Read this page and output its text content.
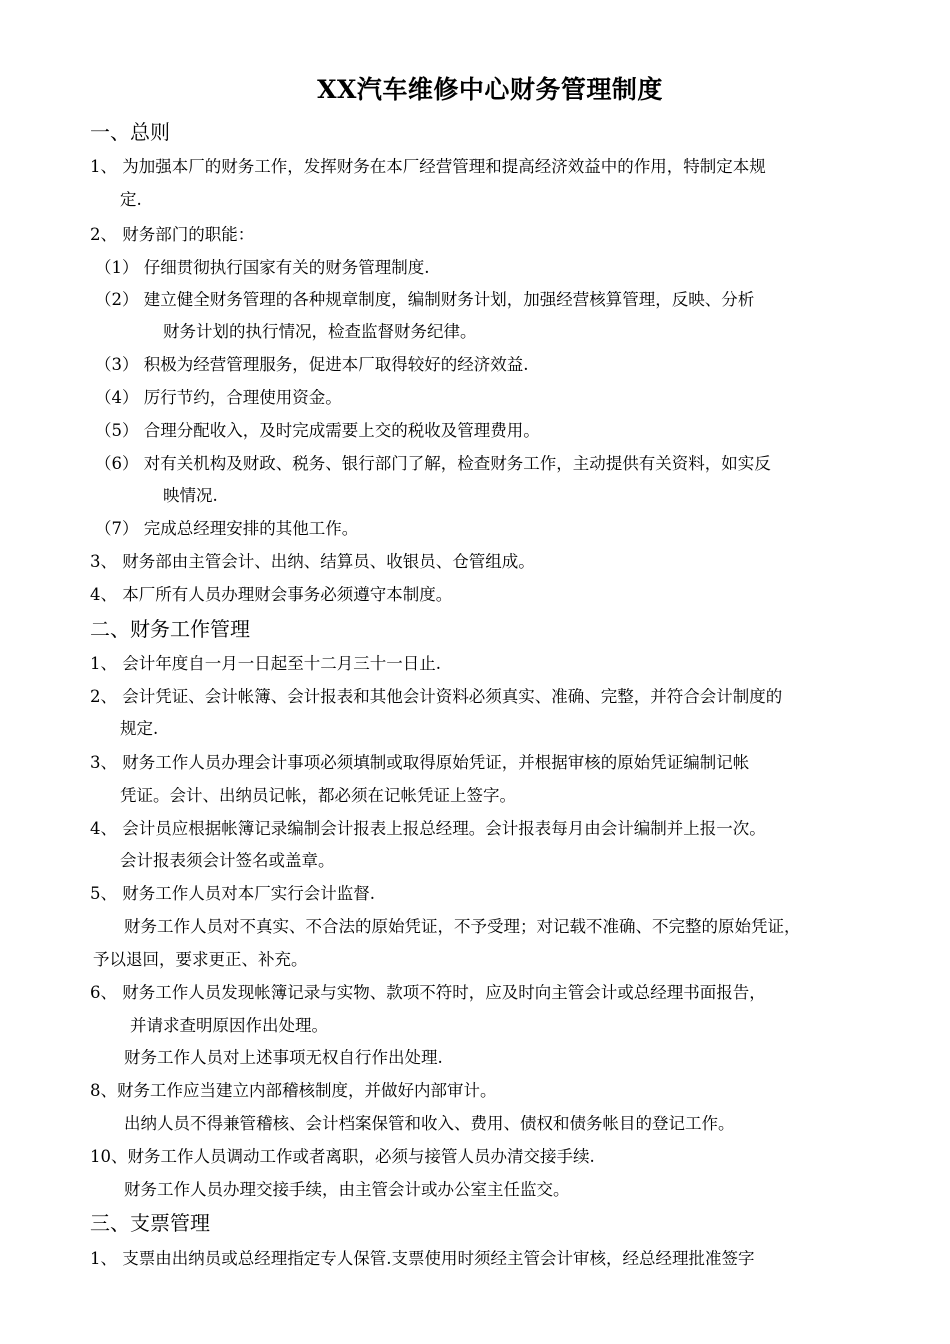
XX汽车维修中心财务管理制度
一、总则
1、 为加强本厂的财务工作，发挥财务在本厂经营管理和提高经济效益中的作用，特制定本规
定.
2、 财务部门的职能：
（1） 仔细贯彻执行国家有关的财务管理制度.
（2） 建立健全财务管理的各种规章制度，编制财务计划，加强经营核算管理，反映、分析
财务计划的执行情况，检查监督财务纪律。
（3） 积极为经营管理服务，促进本厂取得较好的经济效益.
（4） 厉行节约，合理使用资金。
（5） 合理分配收入，及时完成需要上交的税收及管理费用。
（6） 对有关机构及财政、税务、银行部门了解，检查财务工作，主动提供有关资料，如实反
映情况.
（7） 完成总经理安排的其他工作。
3、 财务部由主管会计、出纳、结算员、收银员、仓管组成。
4、 本厂所有人员办理财会事务必须遵守本制度。
二、财务工作管理
1、 会计年度自一月一日起至十二月三十一日止.
2、 会计凭证、会计帐簿、会计报表和其他会计资料必须真实、准确、完整，并符合会计制度的
规定.
3、 财务工作人员办理会计事项必须填制或取得原始凭证，并根据审核的原始凭证编制记帐
凭证。会计、出纳员记帐，都必须在记帐凭证上签字。
4、 会计员应根据帐簿记录编制会计报表上报总经理。会计报表每月由会计编制并上报一次。
会计报表须会计签名或盖章。
5、 财务工作人员对本厂实行会计监督.
财务工作人员对不真实、不合法的原始凭证，不予受理；对记载不准确、不完整的原始凭证，
予以退回，要求更正、补充。
6、 财务工作人员发现帐簿记录与实物、款项不符时，应及时向主管会计或总经理书面报告，
并请求查明原因作出处理。
财务工作人员对上述事项无权自行作出处理.
8、财务工作应当建立内部稽核制度，并做好内部审计。
出纳人员不得兼管稽核、会计档案保管和收入、费用、债权和债务帐目的登记工作。
10、财务工作人员调动工作或者离职，必须与接管人员办清交接手续.
财务工作人员办理交接手续，由主管会计或办公室主任监交。
三、支票管理
1、 支票由出纳员或总经理指定专人保管.支票使用时须经主管会计审核，经总经理批准签字
